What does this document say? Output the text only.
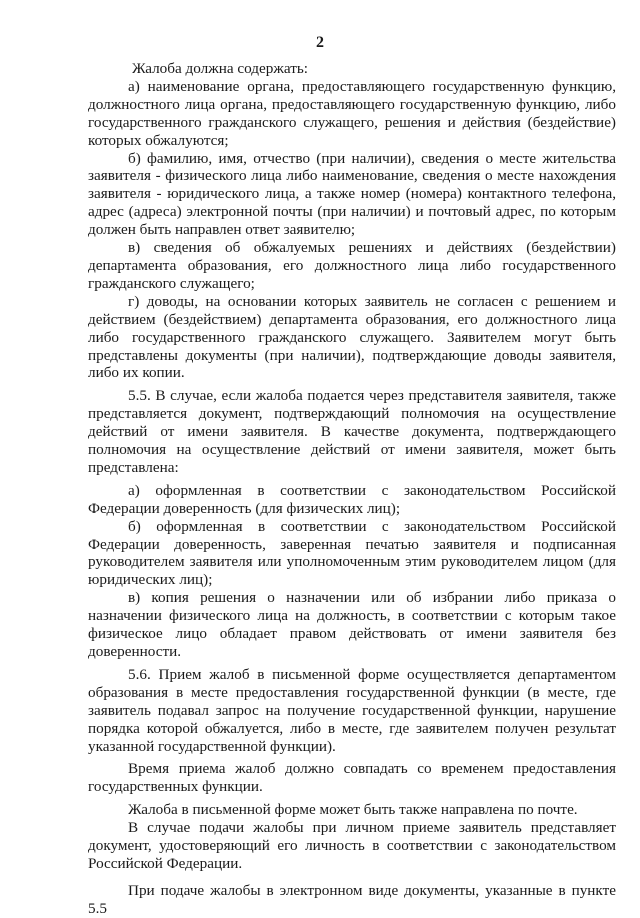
2

Жалоба должна содержать:

а) наименование органа, предоставляющего государственную функцию, должностного лица органа, предоставляющего государственную функцию, либо государственного гражданского служащего, решения и действия (бездействие) которых обжалуются;

б) фамилию, имя, отчество (при наличии), сведения о месте жительства заявителя - физического лица либо наименование, сведения о месте нахождения заявителя - юридического лица, а также номер (номера) контактного телефона, адрес (адреса) электронной почты (при наличии) и почтовый адрес, по которым должен быть направлен ответ заявителю;

в) сведения об обжалуемых решениях и действиях (бездействии) департамента образования, его должностного лица либо государственного гражданского служащего;

г) доводы, на основании которых заявитель не согласен с решением и действием (бездействием) департамента образования, его должностного лица либо государственного гражданского служащего. Заявителем могут быть представлены документы (при наличии), подтверждающие доводы заявителя, либо их копии.

5.5. В случае, если жалоба подается через представителя заявителя, также представляется документ, подтверждающий полномочия на осуществление действий от имени заявителя. В качестве документа, подтверждающего полномочия на осуществление действий от имени заявителя, может быть представлена:

а) оформленная в соответствии с законодательством Российской Федерации доверенность (для физических лиц);

б) оформленная в соответствии с законодательством Российской Федерации доверенность, заверенная печатью заявителя и подписанная руководителем заявителя или уполномоченным этим руководителем лицом (для юридических лиц);

в) копия решения о назначении или об избрании либо приказа о назначении физического лица на должность, в соответствии с которым такое физическое лицо обладает правом действовать от имени заявителя без доверенности.

5.6. Прием жалоб в письменной форме осуществляется департаментом образования в месте предоставления государственной функции (в месте, где заявитель подавал запрос на получение государственной функции, нарушение порядка которой обжалуется, либо в месте, где заявителем получен результат указанной государственной функции).

Время приема жалоб должно совпадать со временем предоставления государственных функции.

Жалоба в письменной форме может быть также направлена по почте.

В случае подачи жалобы при личном приеме заявитель представляет документ, удостоверяющий его личность в соответствии с законодательством Российской Федерации.

При подаче жалобы в электронном виде документы, указанные в пункте 5.5
